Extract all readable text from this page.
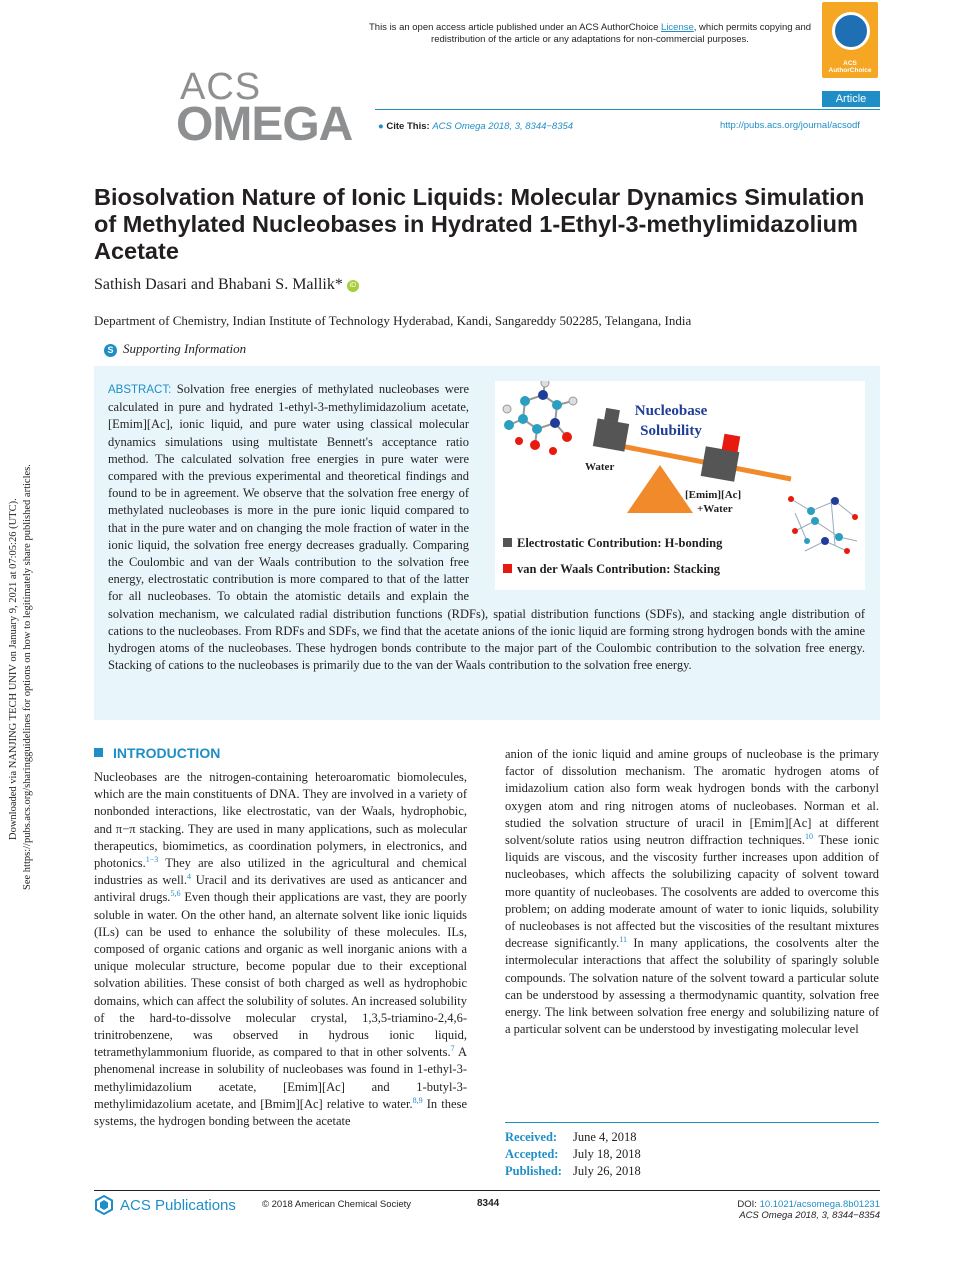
This is an open access article published under an ACS AuthorChoice License, which permits copying and redistribution of the article or any adaptations for non-commercial purposes.
ACS AuthorChoice
ACS
OMEGA	Article
● Cite This: ACS Omega 2018, 3, 8344−8354	http://pubs.acs.org/journal/acsodf
Biosolvation Nature of Ionic Liquids: Molecular Dynamics Simulation of Methylated Nucleobases in Hydrated 1-Ethyl-3-methylimidazolium Acetate
Sathish Dasari and Bhabani S. Mallik* iD
Department of Chemistry, Indian Institute of Technology Hyderabad, Kandi, Sangareddy 502285, Telangana, India
S Supporting Information
ABSTRACT: Solvation free energies of methylated nucleobases were calculated in pure and hydrated 1-ethyl-3-methylimidazolium acetate, [Emim][Ac], ionic liquid, and pure water using classical molecular dynamics simulations using multistate Bennett's acceptance ratio method. The calculated solvation free energies in pure water were compared with the previous experimental and theoretical findings and found to be in agreement. We observe that the solvation free energy of methylated nucleobases is more in the pure ionic liquid compared to that in the pure water and on changing the mole fraction of water in the ionic liquid, the solvation free energy decreases gradually. Comparing the Coulombic and van der Waals contribution to the solvation free energy, electrostatic contribution is more compared to that of the latter for all nucleobases. To obtain the atomistic details and explain the solvation mechanism, we calculated radial distribution functions (RDFs), spatial distribution functions (SDFs), and stacking angle distribution of cations to the nucleobases. From RDFs and SDFs, we find that the acetate anions of the ionic liquid are forming strong hydrogen bonds with the amine hydrogen atoms of the nucleobases. These hydrogen bonds contribute to the major part of the Coulombic contribution to the solvation free energy. Stacking of cations to the nucleobases is primarily due to the van der Waals contribution to the solvation free energy.
Nucleobase
Solubility
Water
[Emim][Ac]
+Water
Electrostatic Contribution: H-bonding
van der Waals Contribution: Stacking
Downloaded via NANJING TECH UNIV on January 9, 2021 at 07:05:26 (UTC). See https://pubs.acs.org/sharingguidelines for options on how to legitimately share published articles.	INTRODUCTION
Nucleobases are the nitrogen-containing heteroaromatic biomolecules, which are the main constituents of DNA. They are involved in a variety of nonbonded interactions, like electrostatic, van der Waals, hydrophobic, and π−π stacking. They are used in many applications, such as molecular therapeutics, biomimetics, as coordination polymers, in electronics, and photonics.$^{1-3}$ They are also utilized in the agricultural and chemical industries as well.$^4$ Uracil and its derivatives are used as anticancer and antiviral drugs.$^{5,6}$ Even though their applications are vast, they are poorly soluble in water. On the other hand, an alternate solvent like ionic liquids (ILs) can be used to enhance the solubility of these molecules. ILs, composed of organic cations and organic as well inorganic anions with a unique molecular structure, become popular due to their exceptional solvation abilities. These consist of both charged as well as hydrophobic domains, which can affect the solubility of solutes. An increased solubility of the hard-to-dissolve molecular crystal, 1,3,5-triamino-2,4,6-trinitrobenzene, was observed in hydrous ionic liquid, tetramethylammonium fluoride, as compared to that in other solvents.$^7$ A phenomenal increase in solubility of nucleobases was found in 1-ethyl-3-methylimidazolium acetate, [Emim][Ac] and 1-butyl-3-methylimidazolium acetate, and [Bmim][Ac] relative to water.$^{8,9}$ In these systems, the hydrogen bonding between the acetate
anion of the ionic liquid and amine groups of nucleobase is the primary factor of dissolution mechanism. The aromatic hydrogen atoms of imidazolium cation also form weak hydrogen bonds with the carbonyl oxygen atom and ring nitrogen atoms of nucleobases. Norman et al. studied the solvation structure of uracil in [Emim][Ac] at different solvent/solute ratios using neutron diffraction techniques.$^{10}$ These ionic liquids are viscous, and the viscosity further increases upon addition of nucleobases, which affects the solubilizing capacity of solvent toward more quantity of nucleobases. The cosolvents are added to overcome this problem; on adding moderate amount of water to ionic liquids, solubility of nucleobases is not affected but the viscosities of the resultant mixtures decrease significantly.$^{11}$ In many applications, the cosolvents alter the intermolecular interactions that affect the solubility of sparingly soluble compounds. The solvation nature of the solvent toward a particular solute can be understood by assessing a thermodynamic quantity, solvation free energy. The link between solvation free energy and solubilizing nature of a particular solvent can be understood by investigating molecular level
Received: June 4, 2018
Accepted: July 18, 2018
Published: July 26, 2018
ACS Publications	© 2018 American Chemical Society	8344	DOI: 10.1021/acsomega.8b01231
ACS Omega 2018, 3, 8344−8354
